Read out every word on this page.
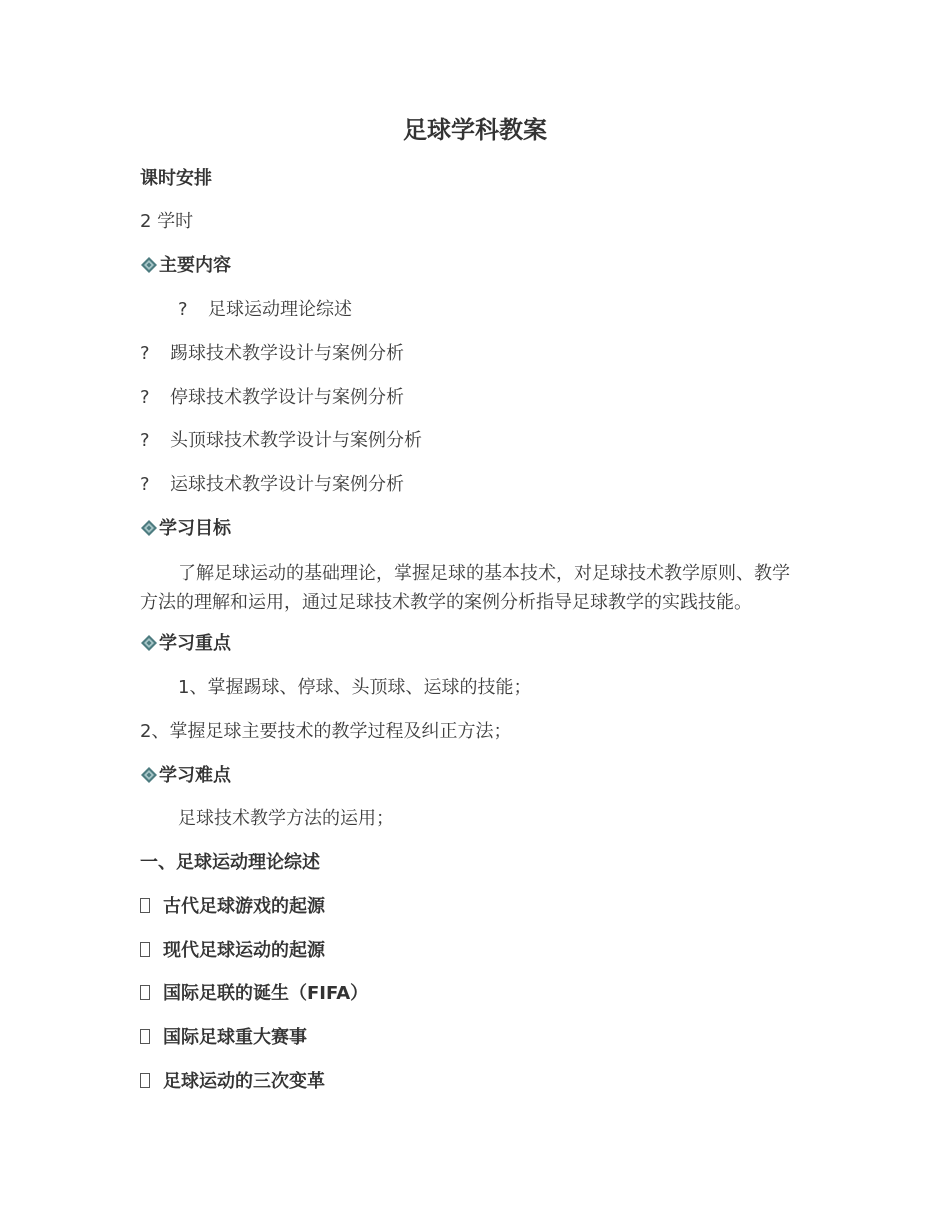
足球学科教案
课时安排
2 学时
主要内容
? 足球运动理论综述
? 踢球技术教学设计与案例分析
? 停球技术教学设计与案例分析
? 头顶球技术教学设计与案例分析
? 运球技术教学设计与案例分析
学习目标
了解足球运动的基础理论，掌握足球的基本技术，对足球技术教学原则、教学方法的理解和运用，通过足球技术教学的案例分析指导足球教学的实践技能。
学习重点
1、掌握踢球、停球、头顶球、运球的技能；
2、掌握足球主要技术的教学过程及纠正方法；
学习难点
足球技术教学方法的运用；
一、足球运动理论综述
古代足球游戏的起源
现代足球运动的起源
国际足联的诞生（FIFA）
国际足球重大赛事
足球运动的三次变革
